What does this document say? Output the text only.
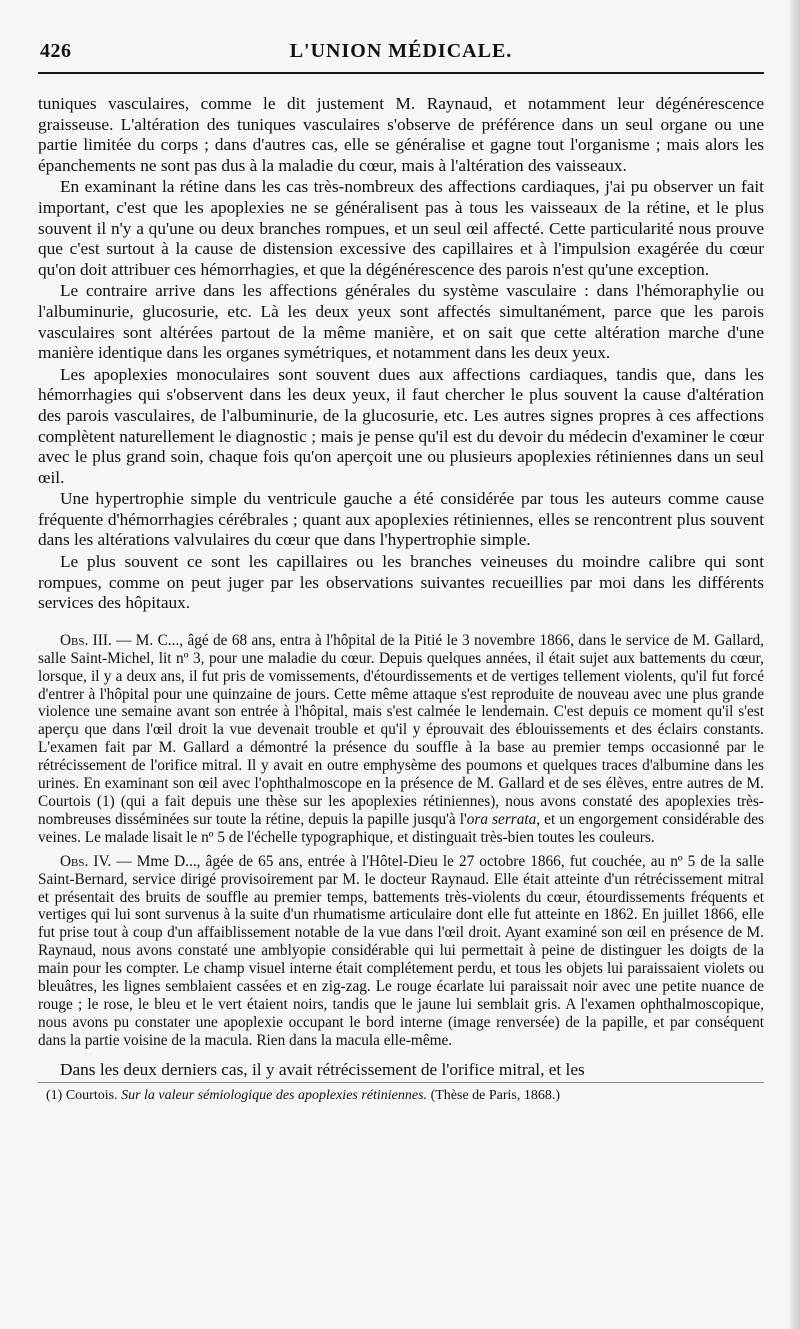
426	L'UNION MÉDICALE.

tuniques vasculaires, comme le dit justement M. Raynaud, et notamment leur dégénérescence graisseuse. L'altération des tuniques vasculaires s'observe de préférence dans un seul organe ou une partie limitée du corps ; dans d'autres cas, elle se généralise et gagne tout l'organisme ; mais alors les épanchements ne sont pas dus à la maladie du cœur, mais à l'altération des vaisseaux.

En examinant la rétine dans les cas très-nombreux des affections cardiaques, j'ai pu observer un fait important, c'est que les apoplexies ne se généralisent pas à tous les vaisseaux de la rétine, et le plus souvent il n'y a qu'une ou deux branches rompues, et un seul œil affecté. Cette particularité nous prouve que c'est surtout à la cause de distension excessive des capillaires et à l'impulsion exagérée du cœur qu'on doit attribuer ces hémorrhagies, et que la dégénérescence des parois n'est qu'une exception.

Le contraire arrive dans les affections générales du système vasculaire : dans l'hémoraphylie ou l'albuminurie, glucosurie, etc. Là les deux yeux sont affectés simultanément, parce que les parois vasculaires sont altérées partout de la même manière, et on sait que cette altération marche d'une manière identique dans les organes symétriques, et notamment dans les deux yeux.

Les apoplexies monoculaires sont souvent dues aux affections cardiaques, tandis que, dans les hémorrhagies qui s'observent dans les deux yeux, il faut chercher le plus souvent la cause d'altération des parois vasculaires, de l'albuminurie, de la glucosurie, etc. Les autres signes propres à ces affections complètent naturellement le diagnostic ; mais je pense qu'il est du devoir du médecin d'examiner le cœur avec le plus grand soin, chaque fois qu'on aperçoit une ou plusieurs apoplexies rétiniennes dans un seul œil.

Une hypertrophie simple du ventricule gauche a été considérée par tous les auteurs comme cause fréquente d'hémorrhagies cérébrales ; quant aux apoplexies rétiniennes, elles se rencontrent plus souvent dans les altérations valvulaires du cœur que dans l'hypertrophie simple.

Le plus souvent ce sont les capillaires ou les branches veineuses du moindre calibre qui sont rompues, comme on peut juger par les observations suivantes recueillies par moi dans les différents services des hôpitaux.

Obs. III. — M. C..., âgé de 68 ans, entra à l'hôpital de la Pitié le 3 novembre 1866, dans le service de M. Gallard, salle Saint-Michel, lit nº 3, pour une maladie du cœur. Depuis quelques années, il était sujet aux battements du cœur, lorsque, il y a deux ans, il fut pris de vomissements, d'étourdissements et de vertiges tellement violents, qu'il fut forcé d'entrer à l'hôpital pour une quinzaine de jours. Cette même attaque s'est reproduite de nouveau avec une plus grande violence une semaine avant son entrée à l'hôpital, mais s'est calmée le lendemain. C'est depuis ce moment qu'il s'est aperçu que dans l'œil droit la vue devenait trouble et qu'il y éprouvait des éblouissements et des éclairs constants. L'examen fait par M. Gallard a démontré la présence du souffle à la base au premier temps occasionné par le rétrécissement de l'orifice mitral. Il y avait en outre emphysème des poumons et quelques traces d'albumine dans les urines. En examinant son œil avec l'ophthalmoscope en la présence de M. Gallard et de ses élèves, entre autres de M. Courtois (1) (qui a fait depuis une thèse sur les apoplexies rétiniennes), nous avons constaté des apoplexies très-nombreuses disséminées sur toute la rétine, depuis la papille jusqu'à l'ora serrata, et un engorgement considérable des veines. Le malade lisait le nº 5 de l'échelle typographique, et distinguait très-bien toutes les couleurs.

Obs. IV. — Mme D..., âgée de 65 ans, entrée à l'Hôtel-Dieu le 27 octobre 1866, fut couchée, au nº 5 de la salle Saint-Bernard, service dirigé provisoirement par M. le docteur Raynaud. Elle était atteinte d'un rétrécissement mitral et présentait des bruits de souffle au premier temps, battements très-violents du cœur, étourdissements fréquents et vertiges qui lui sont survenus à la suite d'un rhumatisme articulaire dont elle fut atteinte en 1862. En juillet 1866, elle fut prise tout à coup d'un affaiblissement notable de la vue dans l'œil droit. Ayant examiné son œil en présence de M. Raynaud, nous avons constaté une amblyopie considérable qui lui permettait à peine de distinguer les doigts de la main pour les compter. Le champ visuel interne était complétement perdu, et tous les objets lui paraissaient violets ou bleuâtres, les lignes semblaient cassées et en zig-zag. Le rouge écarlate lui paraissait noir avec une petite nuance de rouge ; le rose, le bleu et le vert étaient noirs, tandis que le jaune lui semblait gris. A l'examen ophthalmoscopique, nous avons pu constater une apoplexie occupant le bord interne (image renversée) de la papille, et par conséquent dans la partie voisine de la macula. Rien dans la macula elle-même.

Dans les deux derniers cas, il y avait rétrécissement de l'orifice mitral, et les
(1) Courtois. Sur la valeur sémiologique des apoplexies rétiniennes. (Thèse de Paris, 1868.)
